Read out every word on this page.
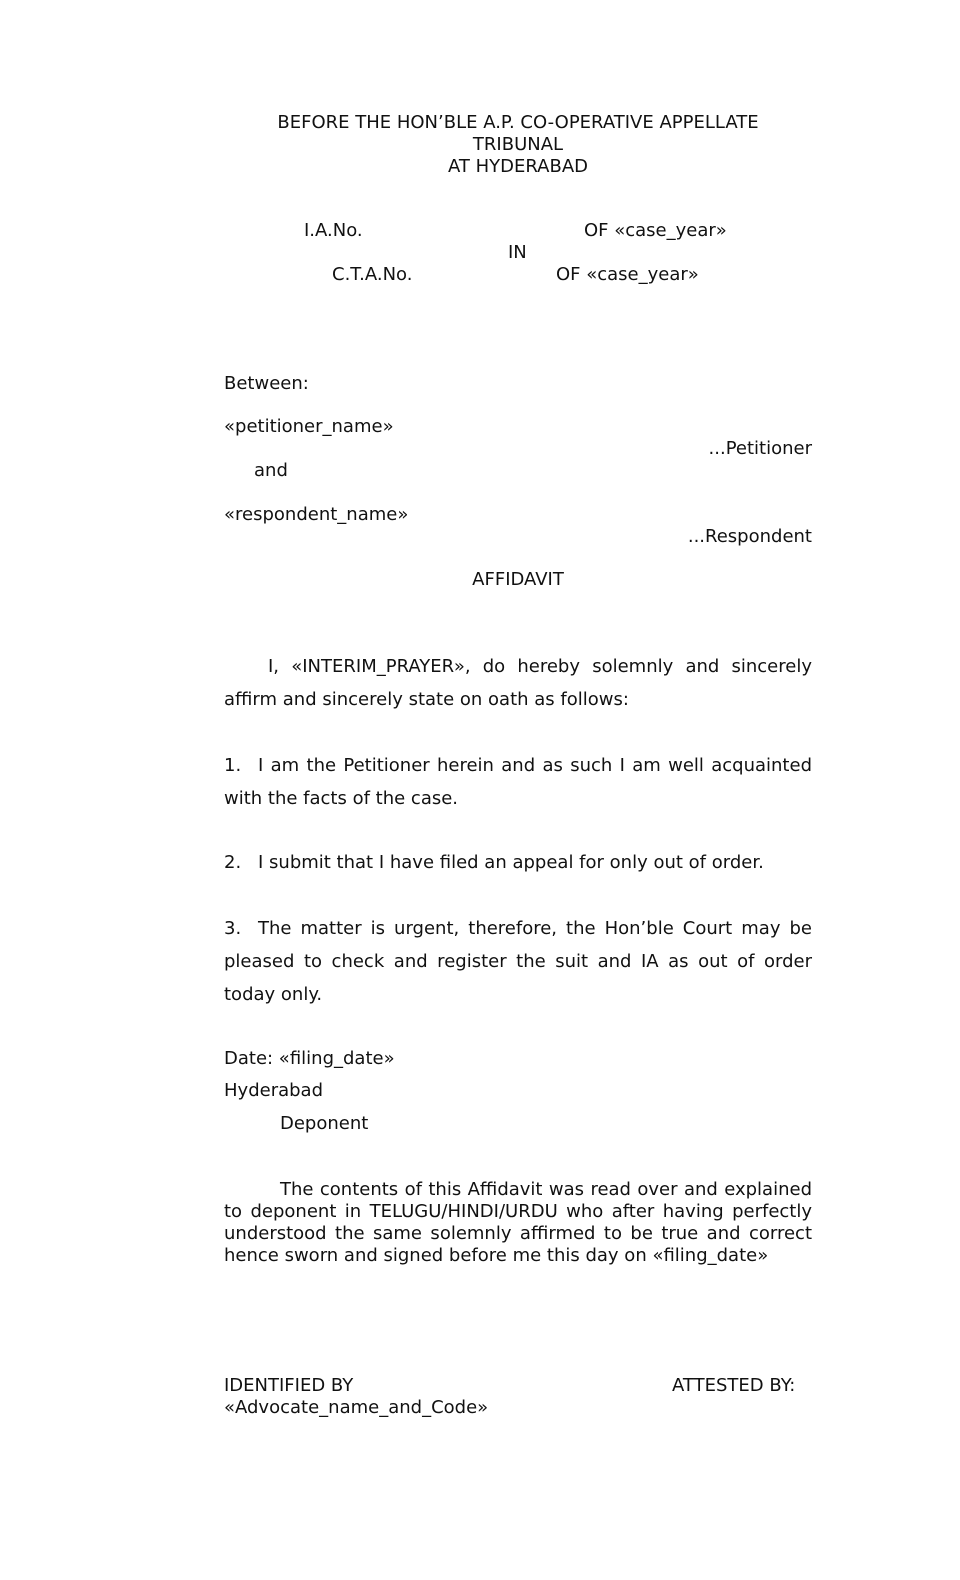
BEFORE THE HON’BLE A.P. CO-OPERATIVE APPELLATE
TRIBUNAL
AT HYDERABAD
I.A.No.	OF «case_year»
IN
C.T.A.No.	OF «case_year»
Between:
«petitioner_name»
...Petitioner
and
«respondent_name»
...Respondent
AFFIDAVIT
I, «INTERIM_PRAYER», do hereby solemnly and sincerely affirm and sincerely state on oath as follows:
1. I am the Petitioner herein and as such I am well acquainted with the facts of the case.
2. I submit that I have filed an appeal for only out of order.
3. The matter is urgent, therefore, the Hon’ble Court may be pleased to check and register the suit and IA as out of order today only.
Date: «filing_date»
Hyderabad
Deponent
The contents of this Affidavit was read over and explained to deponent in TELUGU/HINDI/URDU who after having perfectly understood the same solemnly affirmed to be true and correct hence sworn and signed before me this day on «filing_date»
IDENTIFIED BY
«Advocate_name_and_Code»
ATTESTED BY:
